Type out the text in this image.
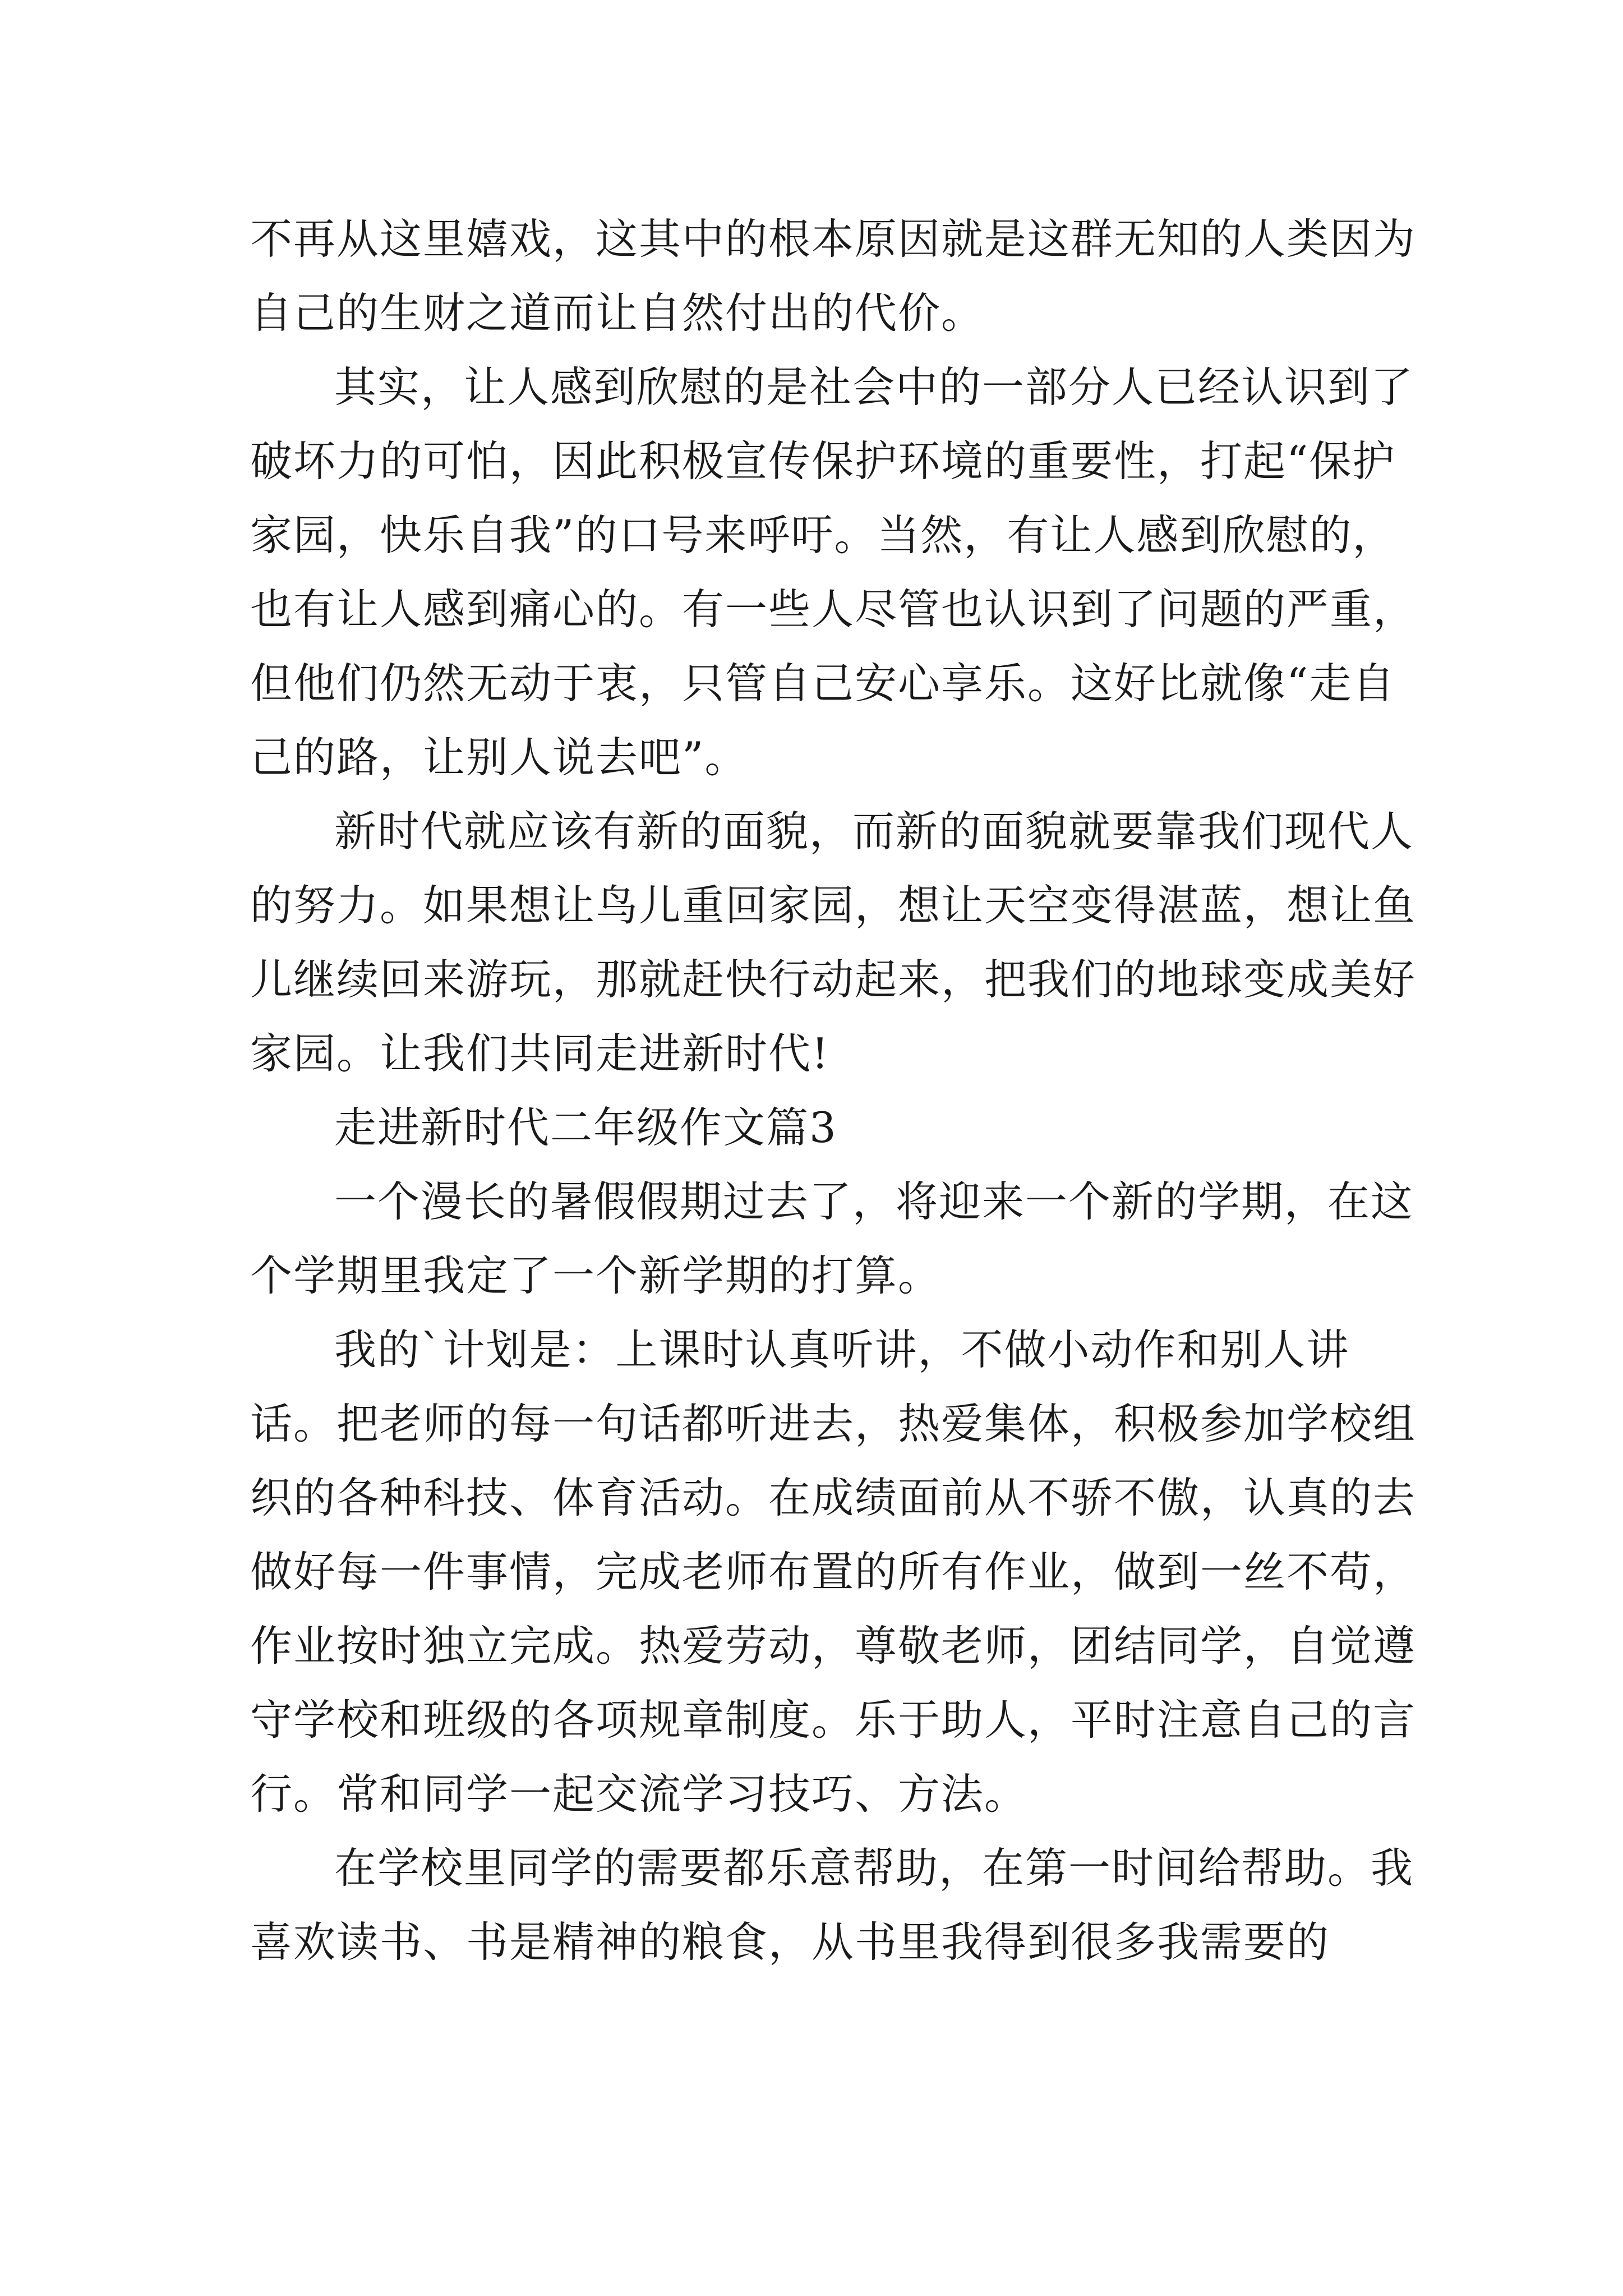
不再从这里嬉戏，这其中的根本原因就是这群无知的人类因为自己的生财之道而让自然付出的代价。

其实，让人感到欣慰的是社会中的一部分人已经认识到了破坏力的可怕，因此积极宣传保护环境的重要性，打起“保护家园，快乐自我”的口号来呼吁。当然，有让人感到欣慰的，也有让人感到痛心的。有一些人尽管也认识到了问题的严重，但他们仍然无动于衷，只管自己安心享乐。这好比就像“走自己的路，让别人说去吧”。

新时代就应该有新的面貌，而新的面貌就要靠我们现代人的努力。如果想让鸟儿重回家园，想让天空变得湛蓝，想让鱼儿继续回来游玩，那就赶快行动起来，把我们的地球变成美好家园。让我们共同走进新时代!

走进新时代二年级作文篇3

一个漫长的暑假假期过去了，将迎来一个新的学期，在这个学期里我定了一个新学期的打算。

我的`计划是：上课时认真听讲，不做小动作和别人讲话。把老师的每一句话都听进去，热爱集体，积极参加学校组织的各种科技、体育活动。在成绩面前从不骄不傲，认真的去做好每一件事情，完成老师布置的所有作业，做到一丝不苟，作业按时独立完成。热爱劳动，尊敬老师，团结同学，自觉遵守学校和班级的各项规章制度。乐于助人，平时注意自己的言行。常和同学一起交流学习技巧、方法。

在学校里同学的需要都乐意帮助，在第一时间给帮助。我喜欢读书、书是精神的粮食，从书里我得到很多我需要的
